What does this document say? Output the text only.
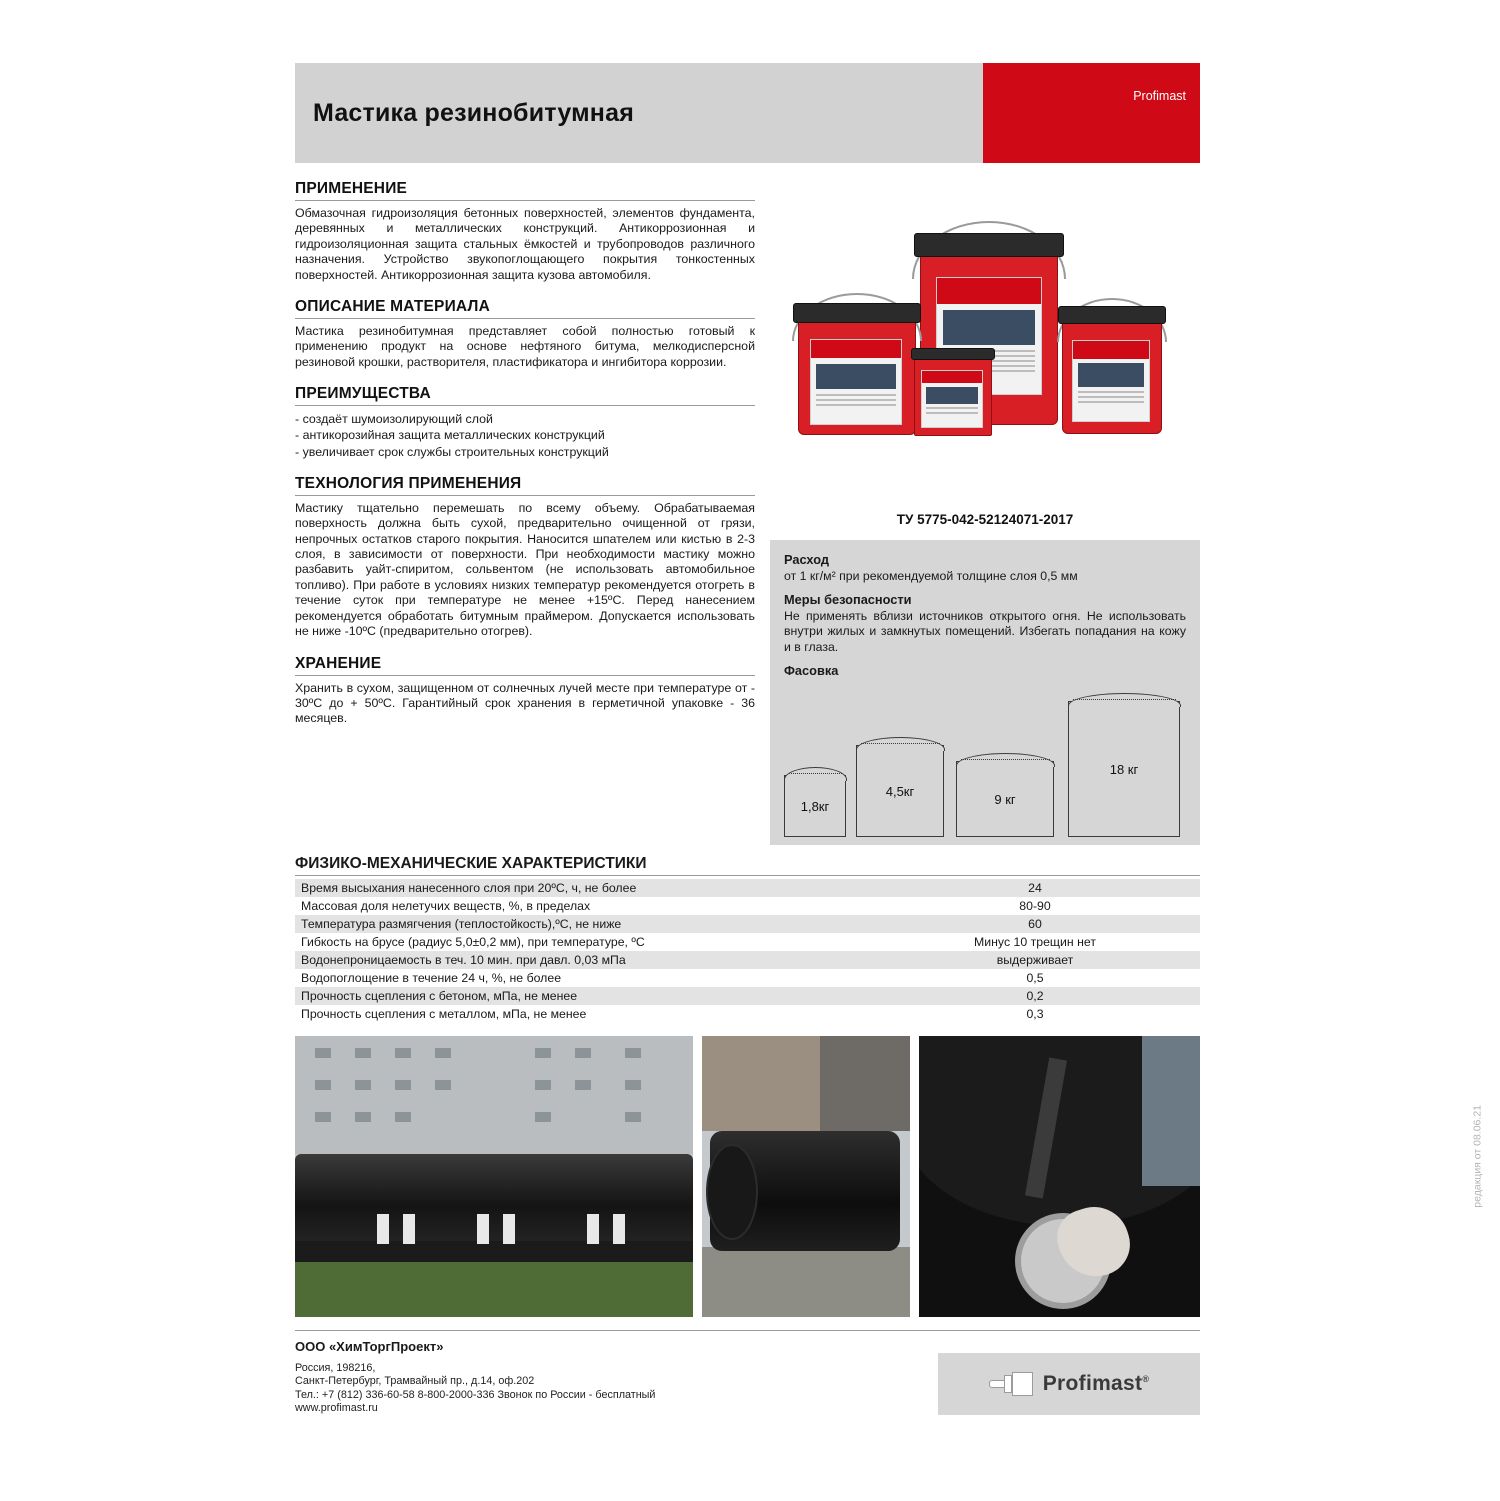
Мастика резинобитумная
Profimast
ПРИМЕНЕНИЕ
Обмазочная гидроизоляция бетонных поверхностей, элементов фундамента, деревянных и металлических конструкций. Антикоррозионная и гидроизоляционная защита стальных ёмкостей и трубопроводов различного назначения. Устройство звукопоглощающего покрытия тонкостенных поверхностей. Антикоррозионная защита кузова автомобиля.
ОПИСАНИЕ МАТЕРИАЛА
Мастика резинобитумная представляет собой полностью готовый к применению продукт на основе нефтяного битума, мелкодисперсной резиновой крошки, растворителя, пластификатора и ингибитора коррозии.
ПРЕИМУЩЕСТВА
- создаёт шумоизолирующий слой
- антикорозийная защита металлических конструкций
- увеличивает срок службы строительных конструкций
ТЕХНОЛОГИЯ ПРИМЕНЕНИЯ
Мастику тщательно перемешать по всему объему. Обрабатываемая поверхность должна быть сухой, предварительно очищенной от грязи, непрочных остатков старого покрытия. Наносится шпателем или кистью в 2-3 слоя, в зависимости от поверхности. При необходимости мастику можно разбавить уайт-спиритом, сольвентом (не использовать автомобильное топливо). При работе в условиях низких температур рекомендуется отогреть в течение суток при температуре не менее +15ºС. Перед нанесением рекомендуется обработать битумным праймером. Допускается использовать не ниже -10ºС (предварительно отогрев).
ХРАНЕНИЕ
Хранить в сухом, защищенном от солнечных лучей месте при температуре от - 30ºС до + 50ºС. Гарантийный срок хранения в герметичной упаковке - 36 месяцев.
ТУ 5775-042-52124071-2017
Расход
от 1 кг/м² при рекомендуемой толщине слоя 0,5 мм
Меры безопасности
Не применять вблизи источников открытого огня. Не использовать внутри жилых и замкнутых помещений. Избегать попадания на кожу и в глаза.
Фасовка
1,8кг
4,5кг
9 кг
18 кг
ФИЗИКО-МЕХАНИЧЕСКИЕ ХАРАКТЕРИСТИКИ
Время высыхания нанесенного слоя при 20ºС, ч, не более	24
Массовая доля нелетучих веществ, %, в пределах	80-90
Температура размягчения (теплостойкость),ºС, не ниже	60
Гибкость на брусе (радиус 5,0±0,2 мм), при температуре, ºС	Минус 10 трещин нет
Водонепроницаемость в теч. 10 мин. при давл. 0,03 мПа	выдерживает
Водопоглощение в течение 24 ч, %, не более	0,5
Прочность сцепления с бетоном, мПа, не менее	0,2
Прочность сцепления с металлом, мПа, не менее	0,3
ООО «ХимТоргПроект»
Россия, 198216,
Санкт-Петербург, Трамвайный пр., д.14, оф.202
Тел.: +7 (812) 336-60-58 8-800-2000-336 Звонок по России - бесплатный
www.profimast.ru
Profimast®
редакция от 08.06.21
